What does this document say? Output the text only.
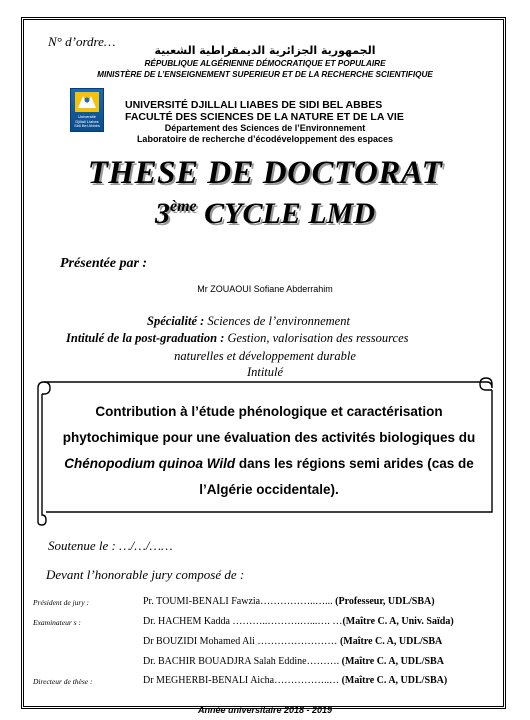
N° d’ordre…
الجمهورية الجزائرية الديمقراطية الشعبية
RÉPUBLIQUE ALGÉRIENNE DÉMOCRATIQUE ET POPULAIRE
MINISTÈRE DE L’ENSEIGNEMENT SUPERIEUR ET DE LA RECHERCHE SCIENTIFIQUE
Université
Djillali Liabes
Sidi Bel Abbès
UNIVERSITÉ DJILLALI LIABES DE SIDI BEL ABBES
FACULTÉ DES SCIENCES DE LA NATURE ET DE LA VIE
Département des Sciences de l’Environnement
Laboratoire de recherche d’écodéveloppement des espaces
THESE DE DOCTORAT
3ème CYCLE LMD
Présentée par :
Mr ZOUAOUI Sofiane Abderrahim
Spécialité : Sciences de l’environnement
Intitulé de la post-graduation : Gestion, valorisation des ressources
naturelles et développement durable
Intitulé
Contribution à l’étude phénologique et caractérisation phytochimique pour une évaluation des activités biologiques du Chénopodium quinoa Wild dans les régions semi arides (cas de l’Algérie occidentale).
Soutenue le : …/…/……
Devant l’honorable jury composé de :
Président de jury :	Pr. TOUMI-BENALI Fawzia……………..…... (Professeur, UDL/SBA)
Examinateur s :	Dr. HACHEM Kadda ………..……….…...…. …(Maître C. A, Univ. Saïda)
Dr BOUZIDI Mohamed Ali …………………… (Maître C. A, UDL/SBA
Dr. BACHIR BOUADJRA Salah Eddine………. (Maître C. A, UDL/SBA
Directeur de thèse :	Dr MEGHERBI-BENALI Aicha……………..… (Maître C. A, UDL/SBA)
Année universitaire 2018 - 2019
